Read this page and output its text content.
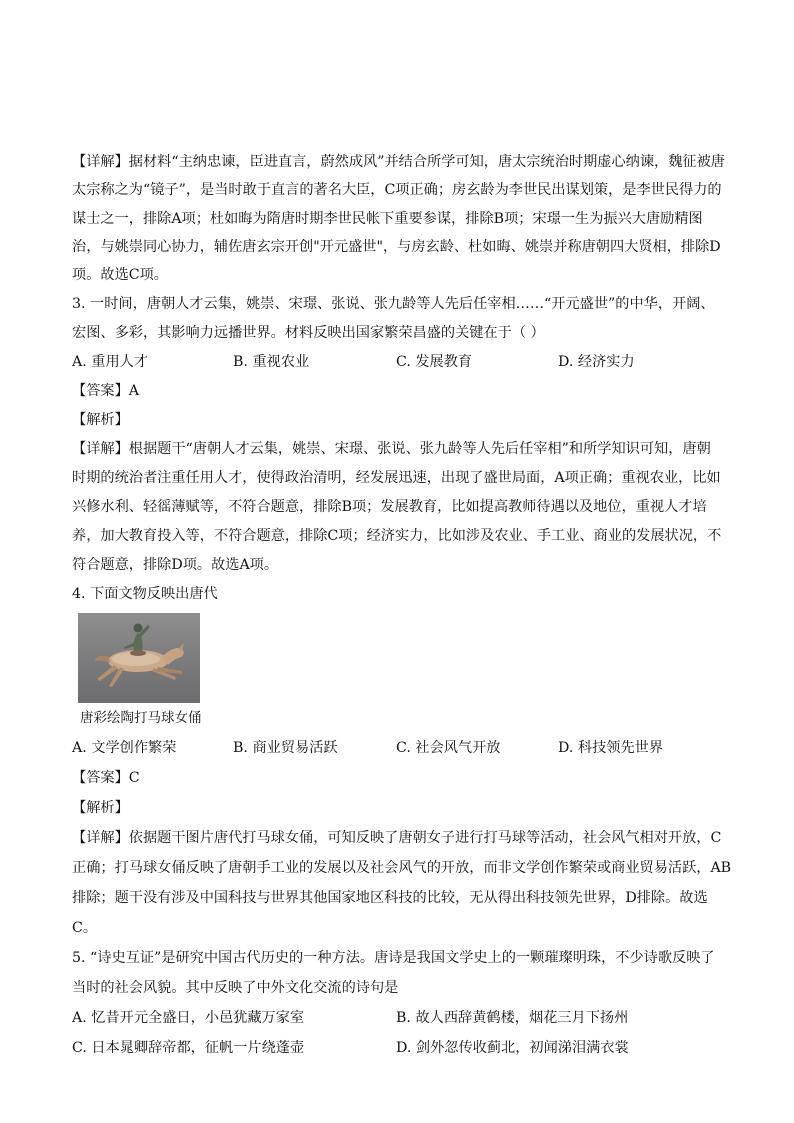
【详解】据材料“主纳忠谏，臣进直言，蔚然成风”并结合所学可知，唐太宗统治时期虚心纳谏，魏征被唐
太宗称之为“镜子”，是当时敢于直言的著名大臣，C项正确；房玄龄为李世民出谋划策，是李世民得力的
谋士之一，排除A项；杜如晦为隋唐时期李世民帐下重要参谋，排除B项；宋璟一生为振兴大唐励精图
治，与姚崇同心协力，辅佐唐玄宗开创"开元盛世"，与房玄龄、杜如晦、姚崇并称唐朝四大贤相，排除D
项。故选C项。
3. 一时间，唐朝人才云集，姚崇、宋璟、张说、张九龄等人先后任宰相……“开元盛世”的中华，开阔、
宏图、多彩，其影响力远播世界。材料反映出国家繁荣昌盛的关键在于（ ）
A. 重用人才	B. 重视农业	C. 发展教育	D. 经济实力
【答案】A
【解析】
【详解】根据题干“唐朝人才云集，姚崇、宋璟、张说、张九龄等人先后任宰相”和所学知识可知，唐朝
时期的统治者注重任用人才，使得政治清明，经发展迅速，出现了盛世局面，A项正确；重视农业，比如
兴修水利、轻徭薄赋等，不符合题意，排除B项；发展教育，比如提高教师待遇以及地位，重视人才培
养，加大教育投入等，不符合题意，排除C项；经济实力，比如涉及农业、手工业、商业的发展状况，不
符合题意，排除D项。故选A项。
4. 下面文物反映出唐代
唐彩绘陶打马球女俑
A. 文学创作繁荣	B. 商业贸易活跃	C. 社会风气开放	D. 科技领先世界
【答案】C
【解析】
【详解】依据题干图片唐代打马球女俑，可知反映了唐朝女子进行打马球等活动，社会风气相对开放，C
正确；打马球女俑反映了唐朝手工业的发展以及社会风气的开放，而非文学创作繁荣或商业贸易活跃，AB
排除；题干没有涉及中国科技与世界其他国家地区科技的比较，无从得出科技领先世界，D排除。故选
C。
5. “诗史互证”是研究中国古代历史的一种方法。唐诗是我国文学史上的一颗璀璨明珠，不少诗歌反映了
当时的社会风貌。其中反映了中外文化交流的诗句是
A. 忆昔开元全盛日，小邑犹藏万家室	B. 故人西辞黄鹤楼，烟花三月下扬州
C. 日本晁卿辞帝都，征帆一片绕蓬壶	D. 剑外忽传收蓟北，初闻涕泪满衣裳
